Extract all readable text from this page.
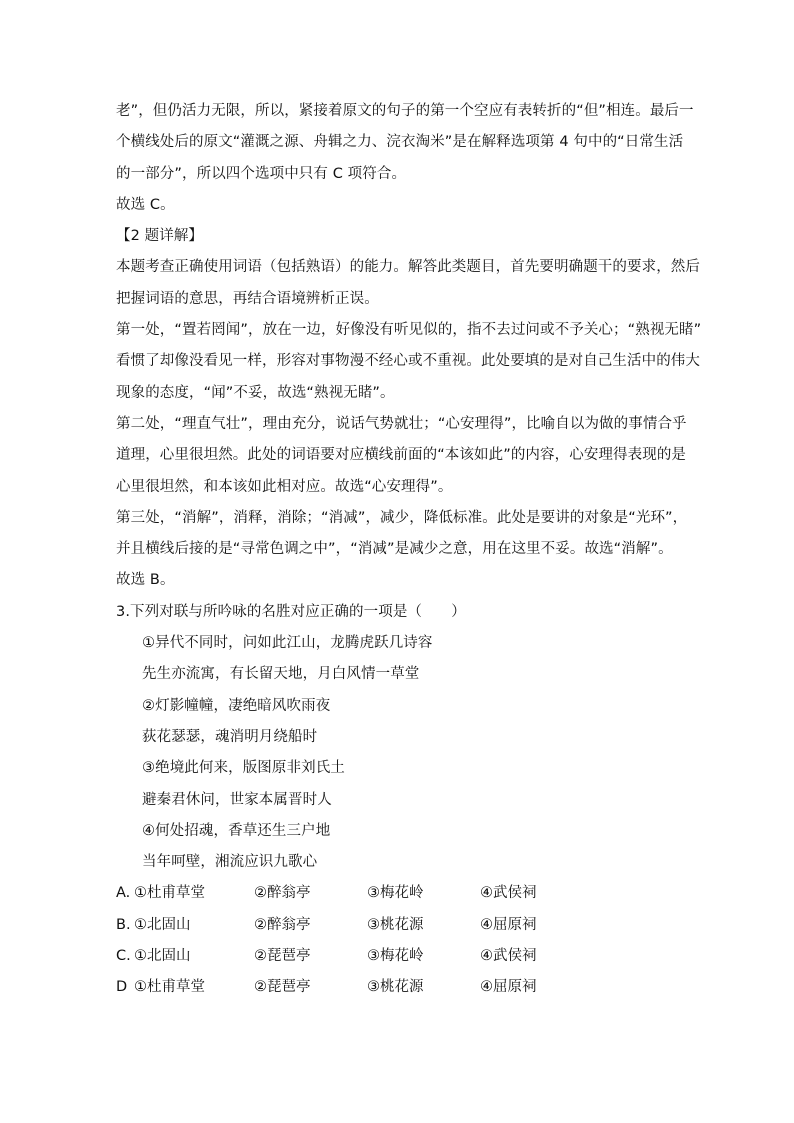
老”，但仍活力无限，所以，紧接着原文的句子的第一个空应有表转折的“但”相连。最后一
个横线处后的原文“灌溉之源、舟辑之力、浣衣淘米”是在解释选项第 4 句中的“日常生活
的一部分”，所以四个选项中只有 C 项符合。
故选 C。
【2 题详解】
本题考查正确使用词语（包括熟语）的能力。解答此类题目，首先要明确题干的要求，然后
把握词语的意思，再结合语境辨析正误。
第一处，“置若罔闻”，放在一边，好像没有听见似的，指不去过问或不予关心；“熟视无睹”
看惯了却像没看见一样，形容对事物漫不经心或不重视。此处要填的是对自己生活中的伟大
现象的态度，“闻”不妥，故选“熟视无睹”。
第二处，“理直气壮”，理由充分，说话气势就壮；“心安理得”，比喻自以为做的事情合乎
道理，心里很坦然。此处的词语要对应横线前面的“本该如此”的内容，心安理得表现的是
心里很坦然，和本该如此相对应。故选“心安理得”。
第三处，“消解”，消释，消除；“消减”，减少，降低标准。此处是要讲的对象是“光环”，
并且横线后接的是“寻常色调之中”，“消减”是减少之意，用在这里不妥。故选“消解”。
故选 B。
3.下列对联与所吟咏的名胜对应正确的一项是（　　）
①异代不同时，问如此江山，龙腾虎跃几诗容
先生亦流寓，有长留天地，月白风情一草堂
②灯影幢幢，凄绝暗风吹雨夜
荻花瑟瑟，魂消明月绕船时
③绝境此何来，版图原非刘氏土
避秦君休问，世家本属晋时人
④何处招魂，香草还生三户地
当年呵壁，湘流应识九歌心
A. ①杜甫草堂	②醉翁亭	③梅花岭	④武侯祠
B. ①北固山	②醉翁亭	③桃花源	④屈原祠
C. ①北固山	②琵琶亭	③梅花岭	④武侯祠
D ①杜甫草堂	②琵琶亭	③桃花源	④屈原祠
